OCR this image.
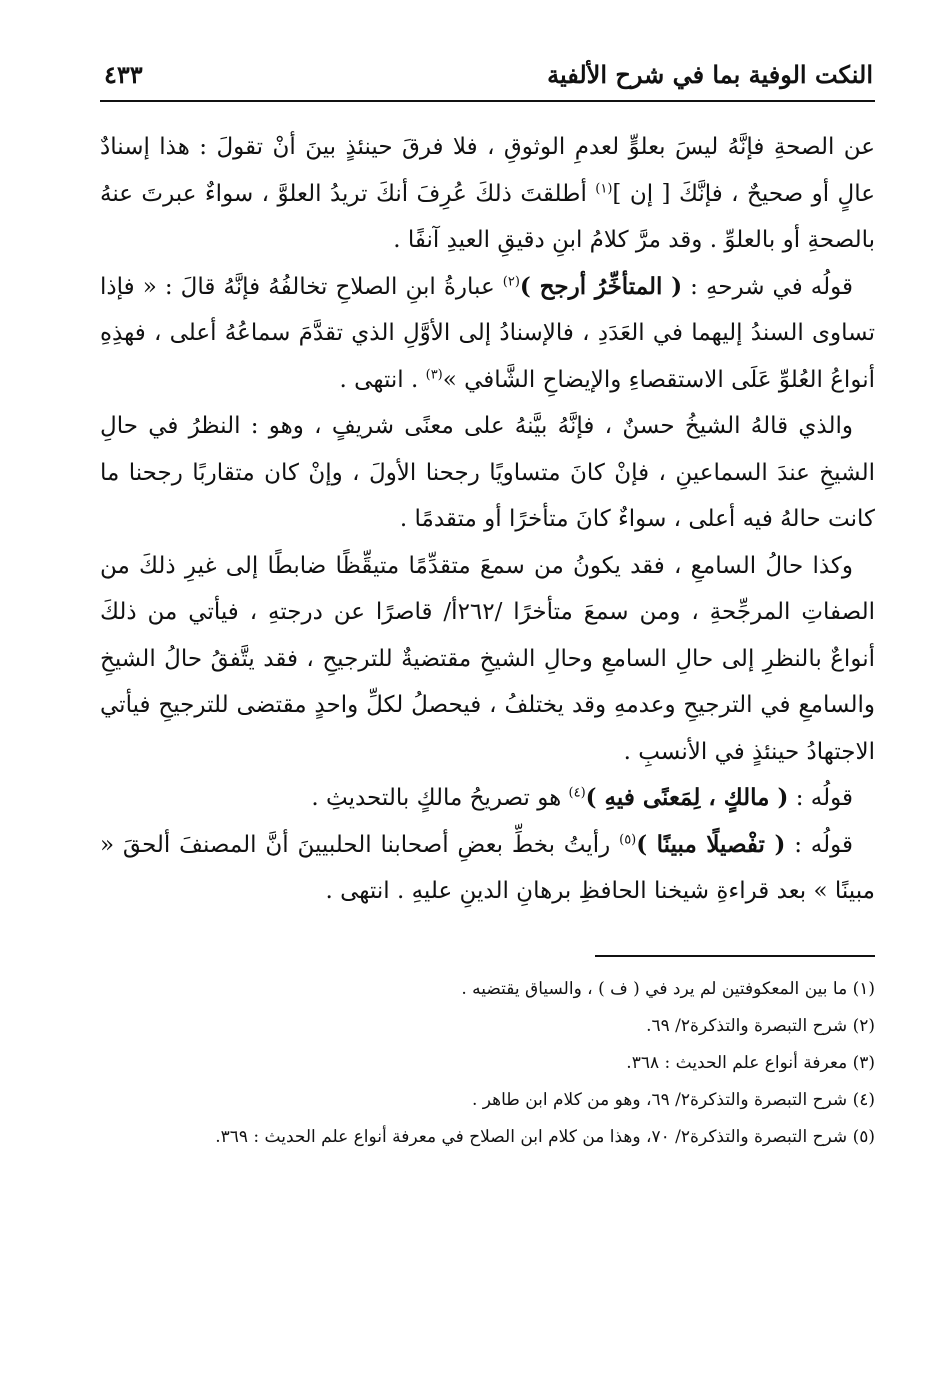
النكت الوفية بما في شرح الألفية
٤٣٣

عن الصحةِ فإنَّهُ ليسَ بعلوٍّ لعدمِ الوثوقِ ، فلا فرقَ حينئذٍ بينَ أنْ تقولَ : هذا إسنادٌ عالٍ أو صحيحٌ ، فإنَّكَ [ إن ]$^{(١)}$ أطلقتَ ذلكَ عُرِفَ أنكَ تريدُ العلوَّ ، سواءٌ عبرتَ عنهُ بالصحةِ أو بالعلوِّ . وقد مرَّ كلامُ ابنِ دقيقِ العيدِ آنفًا .

قولُه في شرحهِ : ( المتأخِّرُ أرجح )$^{(٢)}$ عبارةُ ابنِ الصلاحِ تخالفُهُ فإنَّهُ قالَ : « فإذا تساوى السندُ إليهما في العَدَدِ ، فالإسنادُ إلى الأوَّلِ الذي تقدَّمَ سماعُهُ أعلى ، فهذِهِ أنواعُ العُلوِّ عَلَى الاستقصاءِ والإيضاحِ الشَّافي »$^{(٣)}$ . انتهى .

والذي قالهُ الشيخُ حسنٌ ، فإنَّهُ بيَّنهُ على معنًى شريفٍ ، وهو : النظرُ في حالِ الشيخِ عندَ السماعينِ ، فإنْ كانَ متساويًا رجحنا الأولَ ، وإنْ كان متقاربًا رجحنا ما كانت حالهُ فيه أعلى ، سواءٌ كانَ متأخرًا أو متقدمًا .

وكذا حالُ السامعِ ، فقد يكونُ من سمعَ متقدِّمًا متيقِّظًا ضابطًا إلى غيرِ ذلكَ من الصفاتِ المرجِّحةِ ، ومن سمعَ متأخرًا /٢٦٢أ/ قاصرًا عن درجتهِ ، فيأتي من ذلكَ أنواعٌ بالنظرِ إلى حالِ السامعِ وحالِ الشيخِ مقتضيةٌ للترجيحِ ، فقد يتَّفقُ حالُ الشيخِ والسامعِ في الترجيحِ وعدمهِ وقد يختلفُ ، فيحصلُ لكلِّ واحدٍ مقتضى للترجيحِ فيأتي الاجتهادُ حينئذٍ في الأنسبِ .

قولُه : ( مالكٍ ، لِمَعنًى فيهِ )$^{(٤)}$ هو تصريحُ مالكٍ بالتحديثِ .

قولُه : ( تفْصيلًا مبينًا )$^{(٥)}$ رأيتُ بخطِّ بعضِ أصحابنا الحلبيينَ أنَّ المصنفَ ألحقَ « مبينًا » بعد قراءةِ شيخنا الحافظِ برهانِ الدينِ عليهِ . انتهى .

(١) ما بين المعكوفتين لم يرد في ( ف ) ، والسياق يقتضيه .

(٢) شرح التبصرة والتذكرة٢/ ٦٩.

(٣) معرفة أنواع علم الحديث : ٣٦٨.

(٤) شرح التبصرة والتذكرة٢/ ٦٩، وهو من كلام ابن طاهر .

(٥) شرح التبصرة والتذكرة٢/ ٧٠، وهذا من كلام ابن الصلاح في معرفة أنواع علم الحديث : ٣٦٩.
